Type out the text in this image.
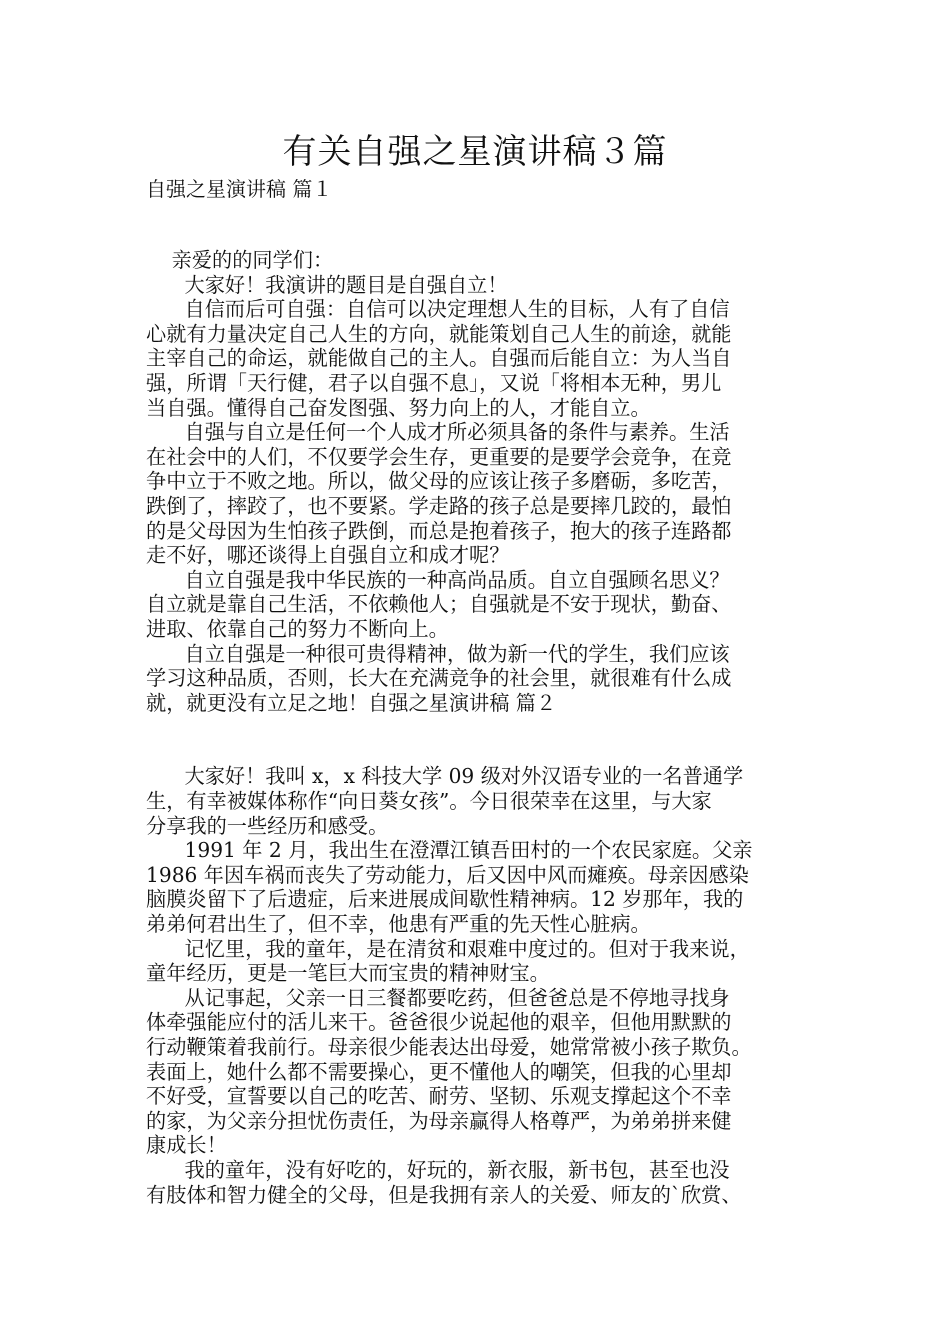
有关自强之星演讲稿３篇
自强之星演讲稿 篇１
亲爱的的同学们：
大家好！我演讲的题目是自强自立！
自信而后可自强：自信可以决定理想人生的目标，人有了自信
心就有力量决定自己人生的方向，就能策划自己人生的前途，就能
主宰自己的命运，就能做自己的主人。自强而后能自立：为人当自
强，所谓「天行健，君子以自强不息」，又说「将相本无种，男儿
当自强。懂得自己奋发图强、努力向上的人，才能自立。
自强与自立是任何一个人成才所必须具备的条件与素养。生活
在社会中的人们，不仅要学会生存，更重要的是要学会竞争，在竞
争中立于不败之地。所以，做父母的应该让孩子多磨砺，多吃苦，
跌倒了，摔跤了，也不要紧。学走路的孩子总是要摔几跤的，最怕
的是父母因为生怕孩子跌倒，而总是抱着孩子，抱大的孩子连路都
走不好，哪还谈得上自强自立和成才呢？
自立自强是我中华民族的一种高尚品质。自立自强顾名思义？
自立就是靠自己生活，不依赖他人；自强就是不安于现状，勤奋、
进取、依靠自己的努力不断向上。
自立自强是一种很可贵得精神，做为新一代的学生，我们应该
学习这种品质，否则，长大在充满竞争的社会里，就很难有什么成
就，就更没有立足之地！自强之星演讲稿 篇２
大家好！我叫 x，x 科技大学 09 级对外汉语专业的一名普通学
生，有幸被媒体称作“向日葵女孩”。今日很荣幸在这里，与大家
分享我的一些经历和感受。
1991 年 2 月，我出生在澄潭江镇吾田村的一个农民家庭。父亲
1986 年因车祸而丧失了劳动能力，后又因中风而瘫痪。母亲因感染
脑膜炎留下了后遗症，后来进展成间歇性精神病。12 岁那年，我的
弟弟何君出生了，但不幸，他患有严重的先天性心脏病。
记忆里，我的童年，是在清贫和艰难中度过的。但对于我来说，
童年经历，更是一笔巨大而宝贵的精神财宝。
从记事起，父亲一日三餐都要吃药，但爸爸总是不停地寻找身
体牵强能应付的活儿来干。爸爸很少说起他的艰辛，但他用默默的
行动鞭策着我前行。母亲很少能表达出母爱，她常常被小孩子欺负。
表面上，她什么都不需要操心，更不懂他人的嘲笑，但我的心里却
不好受，宣誓要以自己的吃苦、耐劳、坚韧、乐观支撑起这个不幸
的家，为父亲分担忧伤责任，为母亲赢得人格尊严，为弟弟拼来健
康成长！
我的童年，没有好吃的，好玩的，新衣服，新书包，甚至也没
有肢体和智力健全的父母，但是我拥有亲人的关爱、师友的`欣赏、
